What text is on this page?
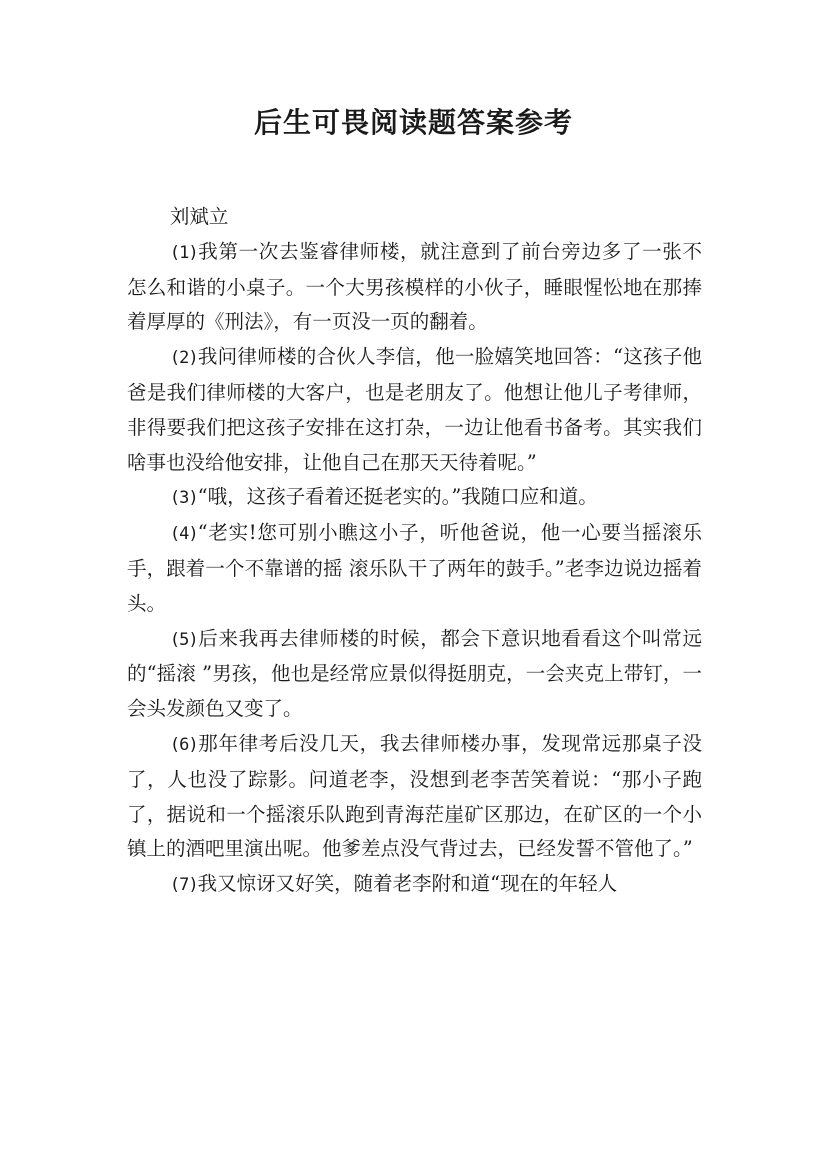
后生可畏阅读题答案参考

刘斌立

(1)我第一次去鉴睿律师楼，就注意到了前台旁边多了一张不怎么和谐的小桌子。一个大男孩模样的小伙子，睡眼惺忪地在那捧着厚厚的《刑法》，有一页没一页的翻着。

(2)我问律师楼的合伙人李信，他一脸嬉笑地回答：“这孩子他爸是我们律师楼的大客户，也是老朋友了。他想让他儿子考律师，非得要我们把这孩子安排在这打杂，一边让他看书备考。其实我们啥事也没给他安排，让他自己在那天天待着呢。”

(3)“哦，这孩子看着还挺老实的。”我随口应和道。

(4)“老实!您可别小瞧这小子，听他爸说，他一心要当摇滚乐手，跟着一个不靠谱的摇 滚乐队干了两年的鼓手。”老李边说边摇着头。

(5)后来我再去律师楼的时候，都会下意识地看看这个叫常远的“摇滚 ”男孩，他也是经常应景似得挺朋克，一会夹克上带钉，一会头发颜色又变了。

(6)那年律考后没几天，我去律师楼办事，发现常远那桌子没了，人也没了踪影。问道老李，没想到老李苦笑着说：“那小子跑了，据说和一个摇滚乐队跑到青海茫崖矿区那边，在矿区的一个小镇上的酒吧里演出呢。他爹差点没气背过去，已经发誓不管他了。”

(7)我又惊讶又好笑，随着老李附和道“现在的年轻人
